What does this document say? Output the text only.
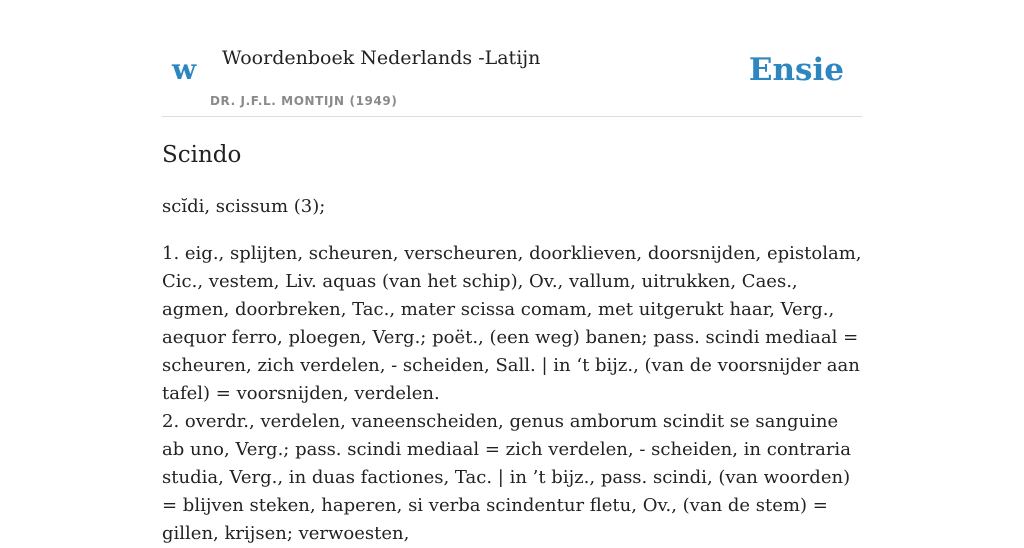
w Woordenboek Nederlands -Latijn
DR. J.F.L. MONTIJN (1949)
Ensie
Scindo
scĭdi, scissum (3);

1. eig., splijten, scheuren, verscheuren, doorklieven, doorsnijden, epistolam, Cic., vestem, Liv. aquas (van het schip), Ov., vallum, uitrukken, Caes., agmen, doorbreken, Tac., mater scissa comam, met uitgerukt haar, Verg., aequor ferro, ploegen, Verg.; poët., (een weg) banen; pass. scindi mediaal = scheuren, zich verdelen, - scheiden, Sall. | in ‘t bijz., (van de voorsnijder aan tafel) = voorsnijden, verdelen.

2. overdr., verdelen, vaneenscheiden, genus amborum scindit se sanguine ab uno, Verg.; pass. scindi mediaal = zich verdelen, - scheiden, in contraria studia, Verg., in duas factiones, Tac. | in ’t bijz., pass. scindi, (van woorden) = blijven steken, haperen, si verba scindentur fletu, Ov., (van de stem) = gillen, krijsen; verwoesten,
